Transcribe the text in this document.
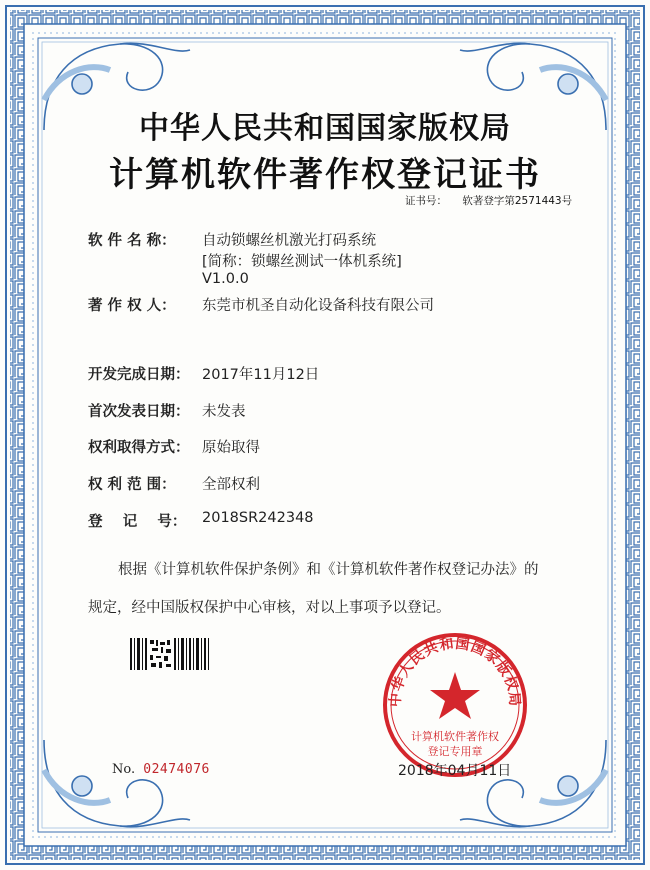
中华人民共和国国家版权局
计算机软件著作权登记证书
证书号： 软著登字第2571443号
软 件 名 称： 自动锁螺丝机激光打码系统
[简称：锁螺丝测试一体机系统]
V1.0.0
著 作 权 人： 东莞市机圣自动化设备科技有限公司
开发完成日期： 2017年11月12日
首次发表日期： 未发表
权利取得方式： 原始取得
权 利 范 围： 全部权利
登    记    号： 2018SR242348
根据《计算机软件保护条例》和《计算机软件著作权登记办法》的
规定，经中国版权保护中心审核，对以上事项予以登记。
No. 02474076
中华人民共和国国家版权局
计算机软件著作权
登记专用章
2018年04月11日
